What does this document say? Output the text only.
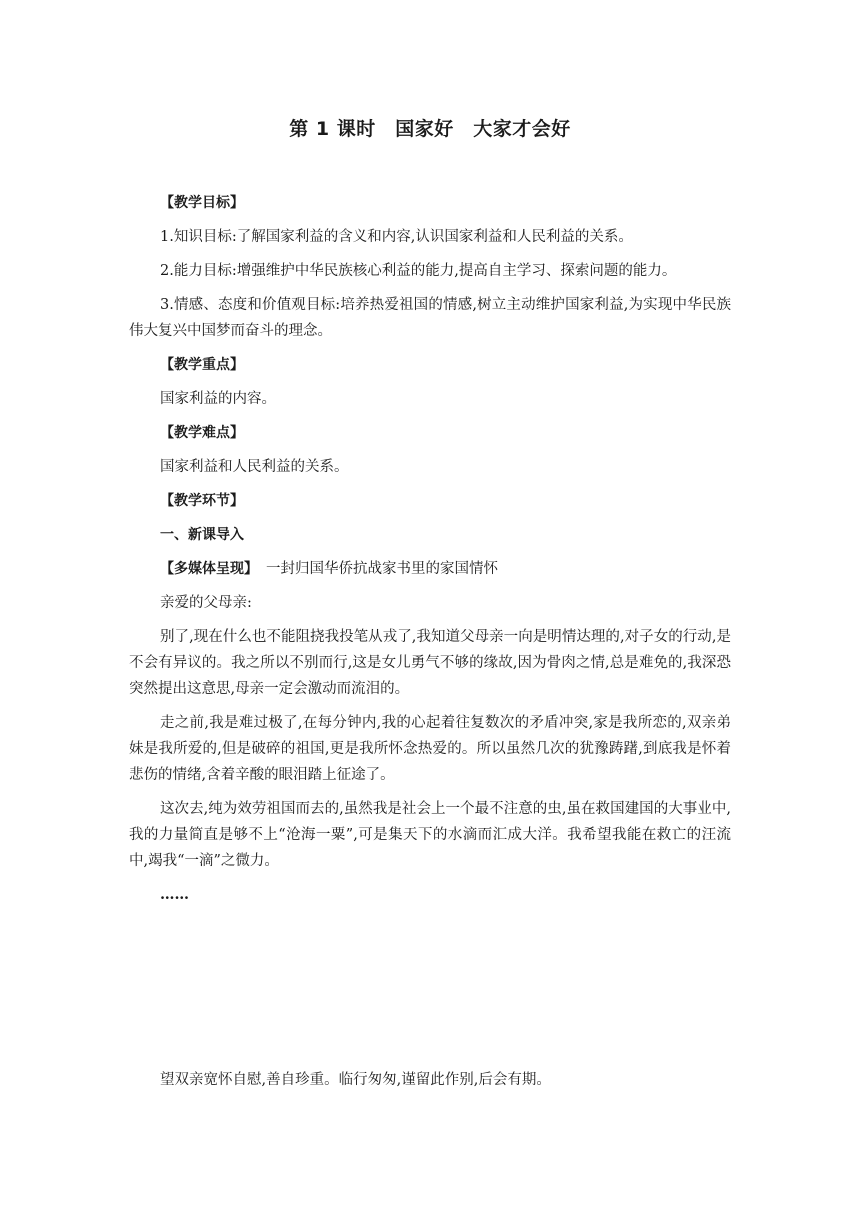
第 1 课时　国家好　大家才会好

【教学目标】

1.知识目标:了解国家利益的含义和内容,认识国家利益和人民利益的关系。

2.能力目标:增强维护中华民族核心利益的能力,提高自主学习、探索问题的能力。

3.情感、态度和价值观目标:培养热爱祖国的情感,树立主动维护国家利益,为实现中华民族伟大复兴中国梦而奋斗的理念。

【教学重点】

国家利益的内容。

【教学难点】

国家利益和人民利益的关系。

【教学环节】

一、新课导入

【多媒体呈现】 一封归国华侨抗战家书里的家国情怀

亲爱的父母亲:

别了,现在什么也不能阻挠我投笔从戎了,我知道父母亲一向是明情达理的,对子女的行动,是不会有异议的。我之所以不别而行,这是女儿勇气不够的缘故,因为骨肉之情,总是难免的,我深恐突然提出这意思,母亲一定会激动而流泪的。

走之前,我是难过极了,在每分钟内,我的心起着往复数次的矛盾冲突,家是我所恋的,双亲弟妹是我所爱的,但是破碎的祖国,更是我所怀念热爱的。所以虽然几次的犹豫踌躇,到底我是怀着悲伤的情绪,含着辛酸的眼泪踏上征途了。

这次去,纯为效劳祖国而去的,虽然我是社会上一个最不注意的虫,虽在救国建国的大事业中,我的力量简直是够不上“沧海一粟”,可是集天下的水滴而汇成大洋。我希望我能在救亡的汪流中,竭我“一滴”之微力。

……

望双亲宽怀自慰,善自珍重。临行匆匆,谨留此作别,后会有期。
